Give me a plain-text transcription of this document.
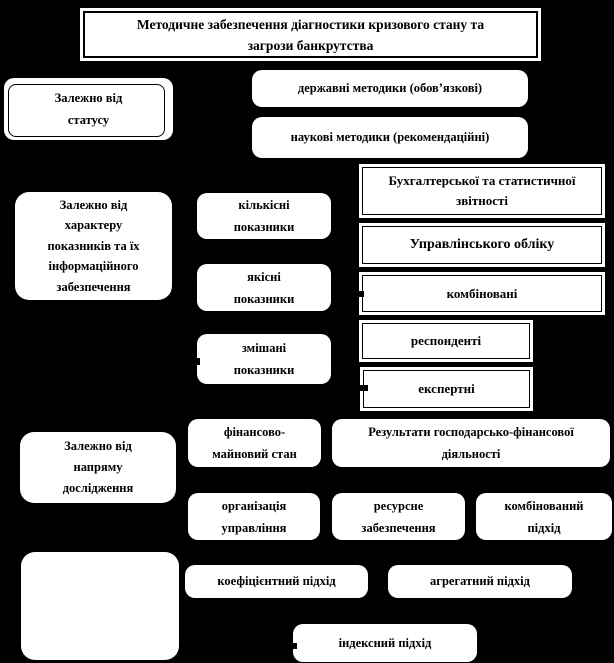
Методичне забезпечення діагностики кризового стану та
загрози банкрутства
Залежно від
статусу
державні методики (обов’язкові)
наукові методики (рекомендаційні)
Залежно від
характеру
показників та їх
інформаційного
забезпечення
кількісні
показники
якісні
показники
змішані
показники
Бухгалтерської та статистичної
звітності
Управлінського обліку
комбіновані
респонденті
експертні
Залежно від
напряму
дослідження
фінансово-
майновий стан
Результати господарсько-фінансової
діяльності
організація
управління
ресурсне
забезпечення
комбінований
підхід
коефіцієнтний підхід	агрегатний підхід
індексний підхід
